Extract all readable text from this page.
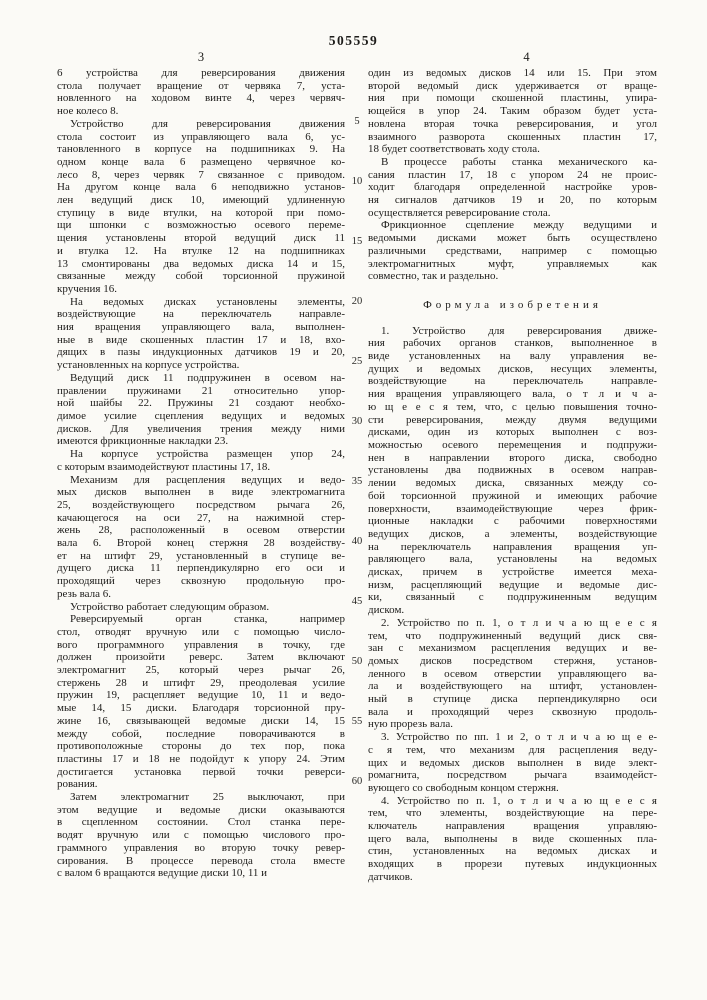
505559
3	4
6 устройства для реверсирования движения
стола получает вращение от червяка 7, уста-
новленного на ходовом винте 4, через червяч-
ное колесо 8.
Устройство для реверсирования движения
стола состоит из управляющего вала 6, ус-
тановленного в корпусе на подшипниках 9. На
одном конце вала 6 размещено червячное ко-
лесо 8, через червяк 7 связанное с приводом.
На другом конце вала 6 неподвижно установ-
лен ведущий диск 10, имеющий удлиненную
ступицу в виде втулки, на которой при помо-
щи шпонки с возможностью осевого переме-
щения установлены второй ведущий диск 11
и втулка 12. На втулке 12 на подшипниках
13 смонтированы два ведомых диска 14 и 15,
связанные между собой торсионной пружиной
кручения 16.
На ведомых дисках установлены элементы,
воздействующие на переключатель направле-
ния вращения управляющего вала, выполнен-
ные в виде скошенных пластин 17 и 18, вхо-
дящих в пазы индукционных датчиков 19 и 20,
установленных на корпусе устройства.
Ведущий диск 11 подпружинен в осевом на-
правлении пружинами 21 относительно упор-
ной шайбы 22. Пружины 21 создают необхо-
димое усилие сцепления ведущих и ведомых
дисков. Для увеличения трения между ними
имеются фрикционные накладки 23.
На корпусе устройства размещен упор 24,
с которым взаимодействуют пластины 17, 18.
Механизм для расцепления ведущих и ведо-
мых дисков выполнен в виде электромагнита
25, воздействующего посредством рычага 26,
качающегося на оси 27, на нажимной стер-
жень 28, расположенный в осевом отверстии
вала 6. Второй конец стержня 28 воздейству-
ет на штифт 29, установленный в ступице ве-
дущего диска 11 перпендикулярно его оси и
проходящий через сквозную продольную про-
резь вала 6.
Устройство работает следующим образом.
Реверсируемый орган станка, например
стол, отводят вручную или с помощью число-
вого программного управления в точку, где
должен произойти реверс. Затем включают
электромагнит 25, который через рычаг 26,
стержень 28 и штифт 29, преодолевая усилие
пружин 19, расцепляет ведущие 10, 11 и ведо-
мые 14, 15 диски. Благодаря торсионной пру-
жине 16, связывающей ведомые диски 14, 15
между собой, последние поворачиваются в
противоположные стороны до тех пор, пока
пластины 17 и 18 не подойдут к упору 24. Этим
достигается установка первой точки реверси-
рования.
Затем электромагнит 25 выключают, при
этом ведущие и ведомые диски оказываются
в сцепленном состоянии. Стол станка пере-
водят вручную или с помощью числового про-
граммного управления во вторую точку ревер-
сирования. В процессе перевода стола вместе
с валом 6 вращаются ведущие диски 10, 11 и
один из ведомых дисков 14 или 15. При этом
второй ведомый диск удерживается от враще-
ния при помощи скошенной пластины, упира-
ющейся в упор 24. Таким образом будет уста-
новлена вторая точка реверсирования, и угол
взаимного разворота скошенных пластин 17,
18 будет соответствовать ходу стола.
В процессе работы станка механического ка-
сания пластин 17, 18 с упором 24 не проис-
ходит благодаря определенной настройке уров-
ня сигналов датчиков 19 и 20, по которым
осуществляется реверсирование стола.
Фрикционное сцепление между ведущими и
ведомыми дисками может быть осуществлено
различными средствами, например с помощью
электромагнитных муфт, управляемых как
совместно, так и раздельно.
Формула изобретения
1. Устройство для реверсирования движе-
ния рабочих органов станков, выполненное в
виде установленных на валу управления ве-
дущих и ведомых дисков, несущих элементы,
воздействующие на переключатель направле-
ния вращения управляющего вала, о т л и ч а-
ю щ е е с я тем, что, с целью повышения точно-
сти реверсирования, между двумя ведущими
дисками, один из которых выполнен с воз-
можностью осевого перемещения и подпружи-
нен в направлении второго диска, свободно
установлены два подвижных в осевом направ-
лении ведомых диска, связанных между со-
бой торсионной пружиной и имеющих рабочие
поверхности, взаимодействующие через фрик-
ционные накладки с рабочими поверхностями
ведущих дисков, а элементы, воздействующие
на переключатель направления вращения уп-
равляющего вала, установлены на ведомых
дисках, причем в устройстве имеется меха-
низм, расцепляющий ведущие и ведомые дис-
ки, связанный с подпружиненным ведущим
диском.
2. Устройство по п. 1, о т л и ч а ю щ е е с я
тем, что подпружиненный ведущий диск свя-
зан с механизмом расцепления ведущих и ве-
домых дисков посредством стержня, установ-
ленного в осевом отверстии управляющего ва-
ла и воздействующего на штифт, установлен-
ный в ступице диска перпендикулярно оси
вала и проходящий через сквозную продоль-
ную прорезь вала.
3. Устройство по пп. 1 и 2, о т л и ч а ю щ е е-
с я тем, что механизм для расцепления веду-
щих и ведомых дисков выполнен в виде элект-
ромагнита, посредством рычага взаимодейст-
вующего со свободным концом стержня.
4. Устройство по п. 1, о т л и ч а ю щ е е с я
тем, что элементы, воздействующие на пере-
ключатель направления вращения управляю-
щего вала, выполнены в виде скошенных пла-
стин, установленных на ведомых дисках и
входящих в прорези путевых индукционных
датчиков.
5
10
15
20
25
30
35
40
45
50
55
60
